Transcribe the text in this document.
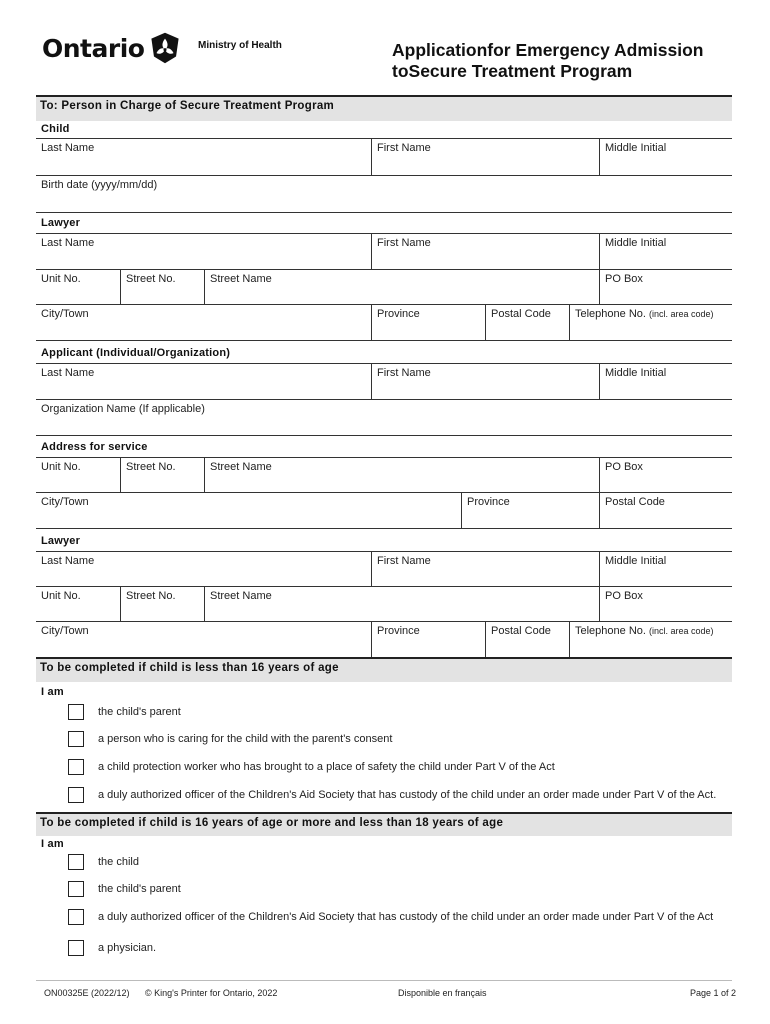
Ontario	Ministry of Health	Applicationfor Emergency Admission
toSecure Treatment Program
To: Person in Charge of Secure Treatment Program
Child
Last Name	First Name	Middle Initial
Birth date (yyyy/mm/dd)
Lawyer
Last Name	First Name	Middle Initial
Unit No.	Street No.	Street Name	PO Box
City/Town	Province	Postal Code	Telephone No. (incl. area code)
Applicant (Individual/Organization)
Last Name	First Name	Middle Initial
Organization Name (If applicable)
Address for service
Unit No.	Street No.	Street Name	PO Box
City/Town	Province	Postal Code
Lawyer
Last Name	First Name	Middle Initial
Unit No.	Street No.	Street Name	PO Box
City/Town	Province	Postal Code	Telephone No. (incl. area code)
To be completed if child is less than 16 years of age
I am
the child's parent
a person who is caring for the child with the parent's consent
a child protection worker who has brought to a place of safety the child under Part V of the Act
a duly authorized officer of the Children's Aid Society that has custody of the child under an order made under Part V of the Act.
To be completed if child is 16 years of age or more and less than 18 years of age
I am
the child
the child's parent
a duly authorized officer of the Children's Aid Society that has custody of the child under an order made under Part V of the Act
a physician.
ON00325E (2022/12) © King's Printer for Ontario, 2022	Disponible en français	Page 1 of 2
